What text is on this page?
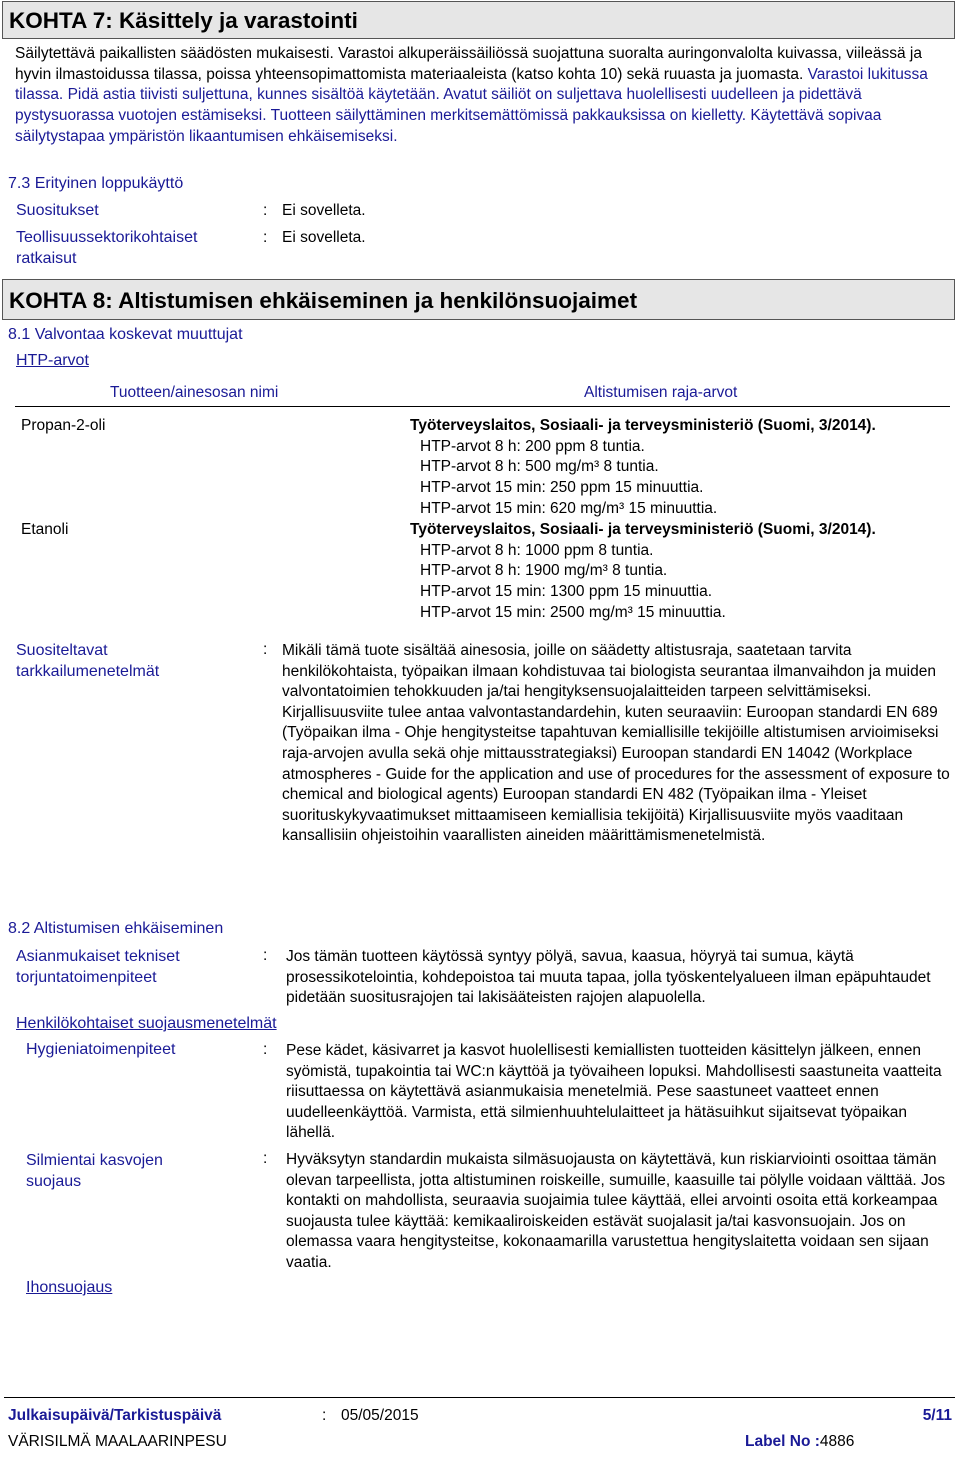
KOHTA 7: Käsittely ja varastointi
Säilytettävä paikallisten säädösten mukaisesti. Varastoi alkuperäissäiliössä suojattuna suoralta auringonvalolta kuivassa, viileässä ja hyvin ilmastoidussa tilassa, poissa yhteensopimattomista materiaaleista (katso kohta 10) sekä ruuasta ja juomasta. Varastoi lukitussa tilassa. Pidä astia tiivisti suljettuna, kunnes sisältöä käytetään. Avatut säiliöt on suljettava huolellisesti uudelleen ja pidettävä pystysuorassa vuotojen estämiseksi. Tuotteen säilyttäminen merkitsemättömissä pakkauksissa on kielletty. Käytettävä sopivaa säilytystapaa ympäristön likaantumisen ehkäisemiseksi.
7.3 Erityinen loppukäyttö
Suositukset	: Ei sovelleta.
Teollisuussektorikohtaiset ratkaisut
: Ei sovelleta.
KOHTA 8: Altistumisen ehkäiseminen ja henkilönsuojaimet
8.1 Valvontaa koskevat muuttujat
HTP-arvot
Tuotteen/ainesosan nimi	Altistumisen raja-arvot
Propan-2-oli	Työterveyslaitos, Sosiaali- ja terveysministeriö (Suomi, 3/2014).
HTP-arvot 8 h: 200 ppm 8 tuntia.
HTP-arvot 8 h: 500 mg/m³ 8 tuntia.
HTP-arvot 15 min: 250 ppm 15 minuuttia.
HTP-arvot 15 min: 620 mg/m³ 15 minuuttia.
Etanoli	Työterveyslaitos, Sosiaali- ja terveysministeriö (Suomi, 3/2014).
HTP-arvot 8 h: 1000 ppm 8 tuntia.
HTP-arvot 8 h: 1900 mg/m³ 8 tuntia.
HTP-arvot 15 min: 1300 ppm 15 minuuttia.
HTP-arvot 15 min: 2500 mg/m³ 15 minuuttia.
Suositeltavat tarkkailumenetelmät
: Mikäli tämä tuote sisältää ainesosia, joille on säädetty altistusraja, saatetaan tarvita henkilökohtaista, työpaikan ilmaan kohdistuvaa tai biologista seurantaa ilmanvaihdon ja muiden valvontatoimien tehokkuuden ja/tai hengityksensuojalaitteiden tarpeen selvittämiseksi. Kirjallisuusviite tulee antaa valvontastandardehin, kuten seuraaviin: Euroopan standardi EN 689 (Työpaikan ilma - Ohje hengitysteitse tapahtuvan kemiallisille tekijöille altistumisen arvioimiseksi raja-arvojen avulla sekä ohje mittausstrategiaksi) Euroopan standardi EN 14042 (Workplace atmospheres - Guide for the application and use of procedures for the assessment of exposure to chemical and biological agents) Euroopan standardi EN 482 (Työpaikan ilma - Yleiset suorituskykyvaatimukset mittaamiseen kemiallisia tekijöitä) Kirjallisuusviite myös vaaditaan kansallisiin ohjeistoihin vaarallisten aineiden määrittämismenetelmistä.
8.2 Altistumisen ehkäiseminen
Asianmukaiset tekniset torjuntatoimenpiteet
: Jos tämän tuotteen käytössä syntyy pölyä, savua, kaasua, höyryä tai sumua, käytä prosessikotelointia, kohdepoistoa tai muuta tapaa, jolla työskentelyalueen ilman epäpuhtaudet pidetään suositusrajojen tai lakisääteisten rajojen alapuolella.
Henkilökohtaiset suojausmenetelmät
Hygieniatoimenpiteet	: Pese kädet, käsivarret ja kasvot huolellisesti kemiallisten tuotteiden käsittelyn jälkeen, ennen syömistä, tupakointia tai WC:n käyttöä ja työvaiheen lopuksi. Mahdollisesti saastuneita vaatteita riisuttaessa on käytettävä asianmukaisia menetelmiä. Pese saastuneet vaatteet ennen uudelleenkäyttöä. Varmista, että silmienhuuhtelulaitteet ja hätäsuihkut sijaitsevat työpaikan lähellä.
Silmientai kasvojen suojaus
: Hyväksytyn standardin mukaista silmäsuojausta on käytettävä, kun riskiarviointi osoittaa tämän olevan tarpeellista, jotta altistuminen roiskeille, sumuille, kaasuille tai pölylle voidaan välttää. Jos kontakti on mahdollista, seuraavia suojaimia tulee käyttää, ellei arvointi osoita että korkeampaa suojausta tulee käyttää: kemikaaliroiskeiden estävät suojalasit ja/tai kasvonsuojain. Jos on olemassa vaara hengitysteitse, kokonaamarilla varustettua hengityslaitetta voidaan sen sijaan vaatia.
Ihonsuojaus
Julkaisupäivä/Tarkistuspäivä	: 05/05/2015	5/11
VÄRISILMÄ MAALAARINPESU	Label No :4886
